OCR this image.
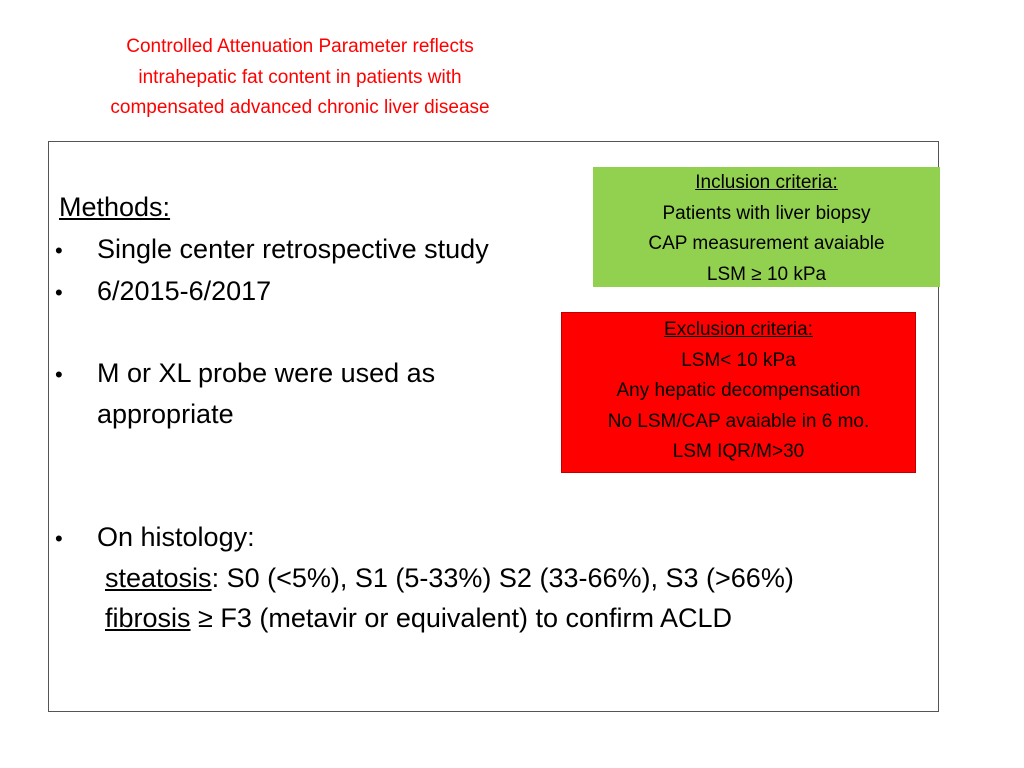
Controlled Attenuation Parameter reflects
intrahepatic fat content in patients with
compensated advanced chronic liver disease
Methods:
• Single center retrospective study
• 6/2015-6/2017
• M or XL probe were used as
appropriate
• On histology:
steatosis: S0 (<5%), S1 (5-33%) S2 (33-66%), S3 (>66%)
fibrosis ≥ F3 (metavir or equivalent) to confirm ACLD
Inclusion criteria:
Patients with liver biopsy
CAP measurement avaiable
LSM ≥ 10 kPa
Exclusion criteria:
LSM< 10 kPa
Any hepatic decompensation
No LSM/CAP avaiable in 6 mo.
LSM IQR/M>30
